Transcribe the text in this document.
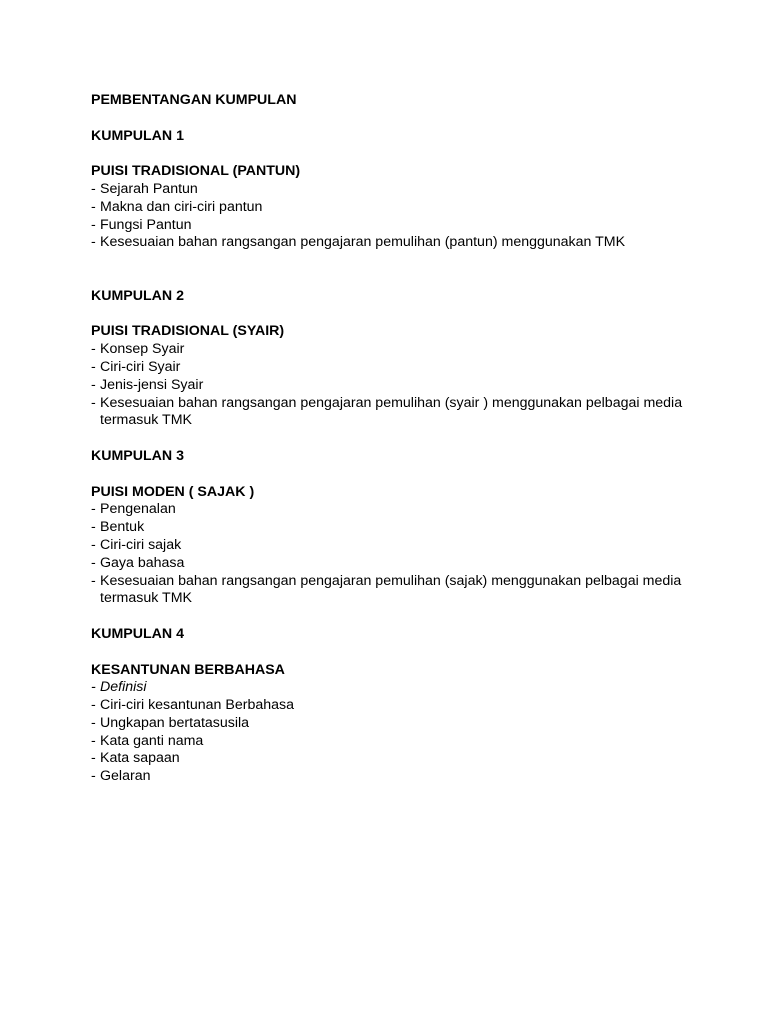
PEMBENTANGAN KUMPULAN

KUMPULAN 1

PUISI TRADISIONAL (PANTUN)

- Sejarah Pantun
- Makna dan ciri-ciri pantun
- Fungsi Pantun
- Kesesuaian bahan rangsangan pengajaran pemulihan (pantun) menggunakan TMK

KUMPULAN 2

PUISI TRADISIONAL (SYAIR)

- Konsep Syair
- Ciri-ciri Syair
- Jenis-jensi Syair
- Kesesuaian bahan rangsangan pengajaran pemulihan (syair ) menggunakan pelbagai media termasuk TMK

KUMPULAN 3

PUISI MODEN ( SAJAK )

- Pengenalan
- Bentuk
- Ciri-ciri sajak
- Gaya bahasa
- Kesesuaian bahan rangsangan pengajaran pemulihan (sajak) menggunakan pelbagai media termasuk TMK

KUMPULAN 4

KESANTUNAN BERBAHASA

- Definisi
- Ciri-ciri kesantunan Berbahasa
- Ungkapan bertatasusila
- Kata ganti nama
- Kata sapaan
- Gelaran
